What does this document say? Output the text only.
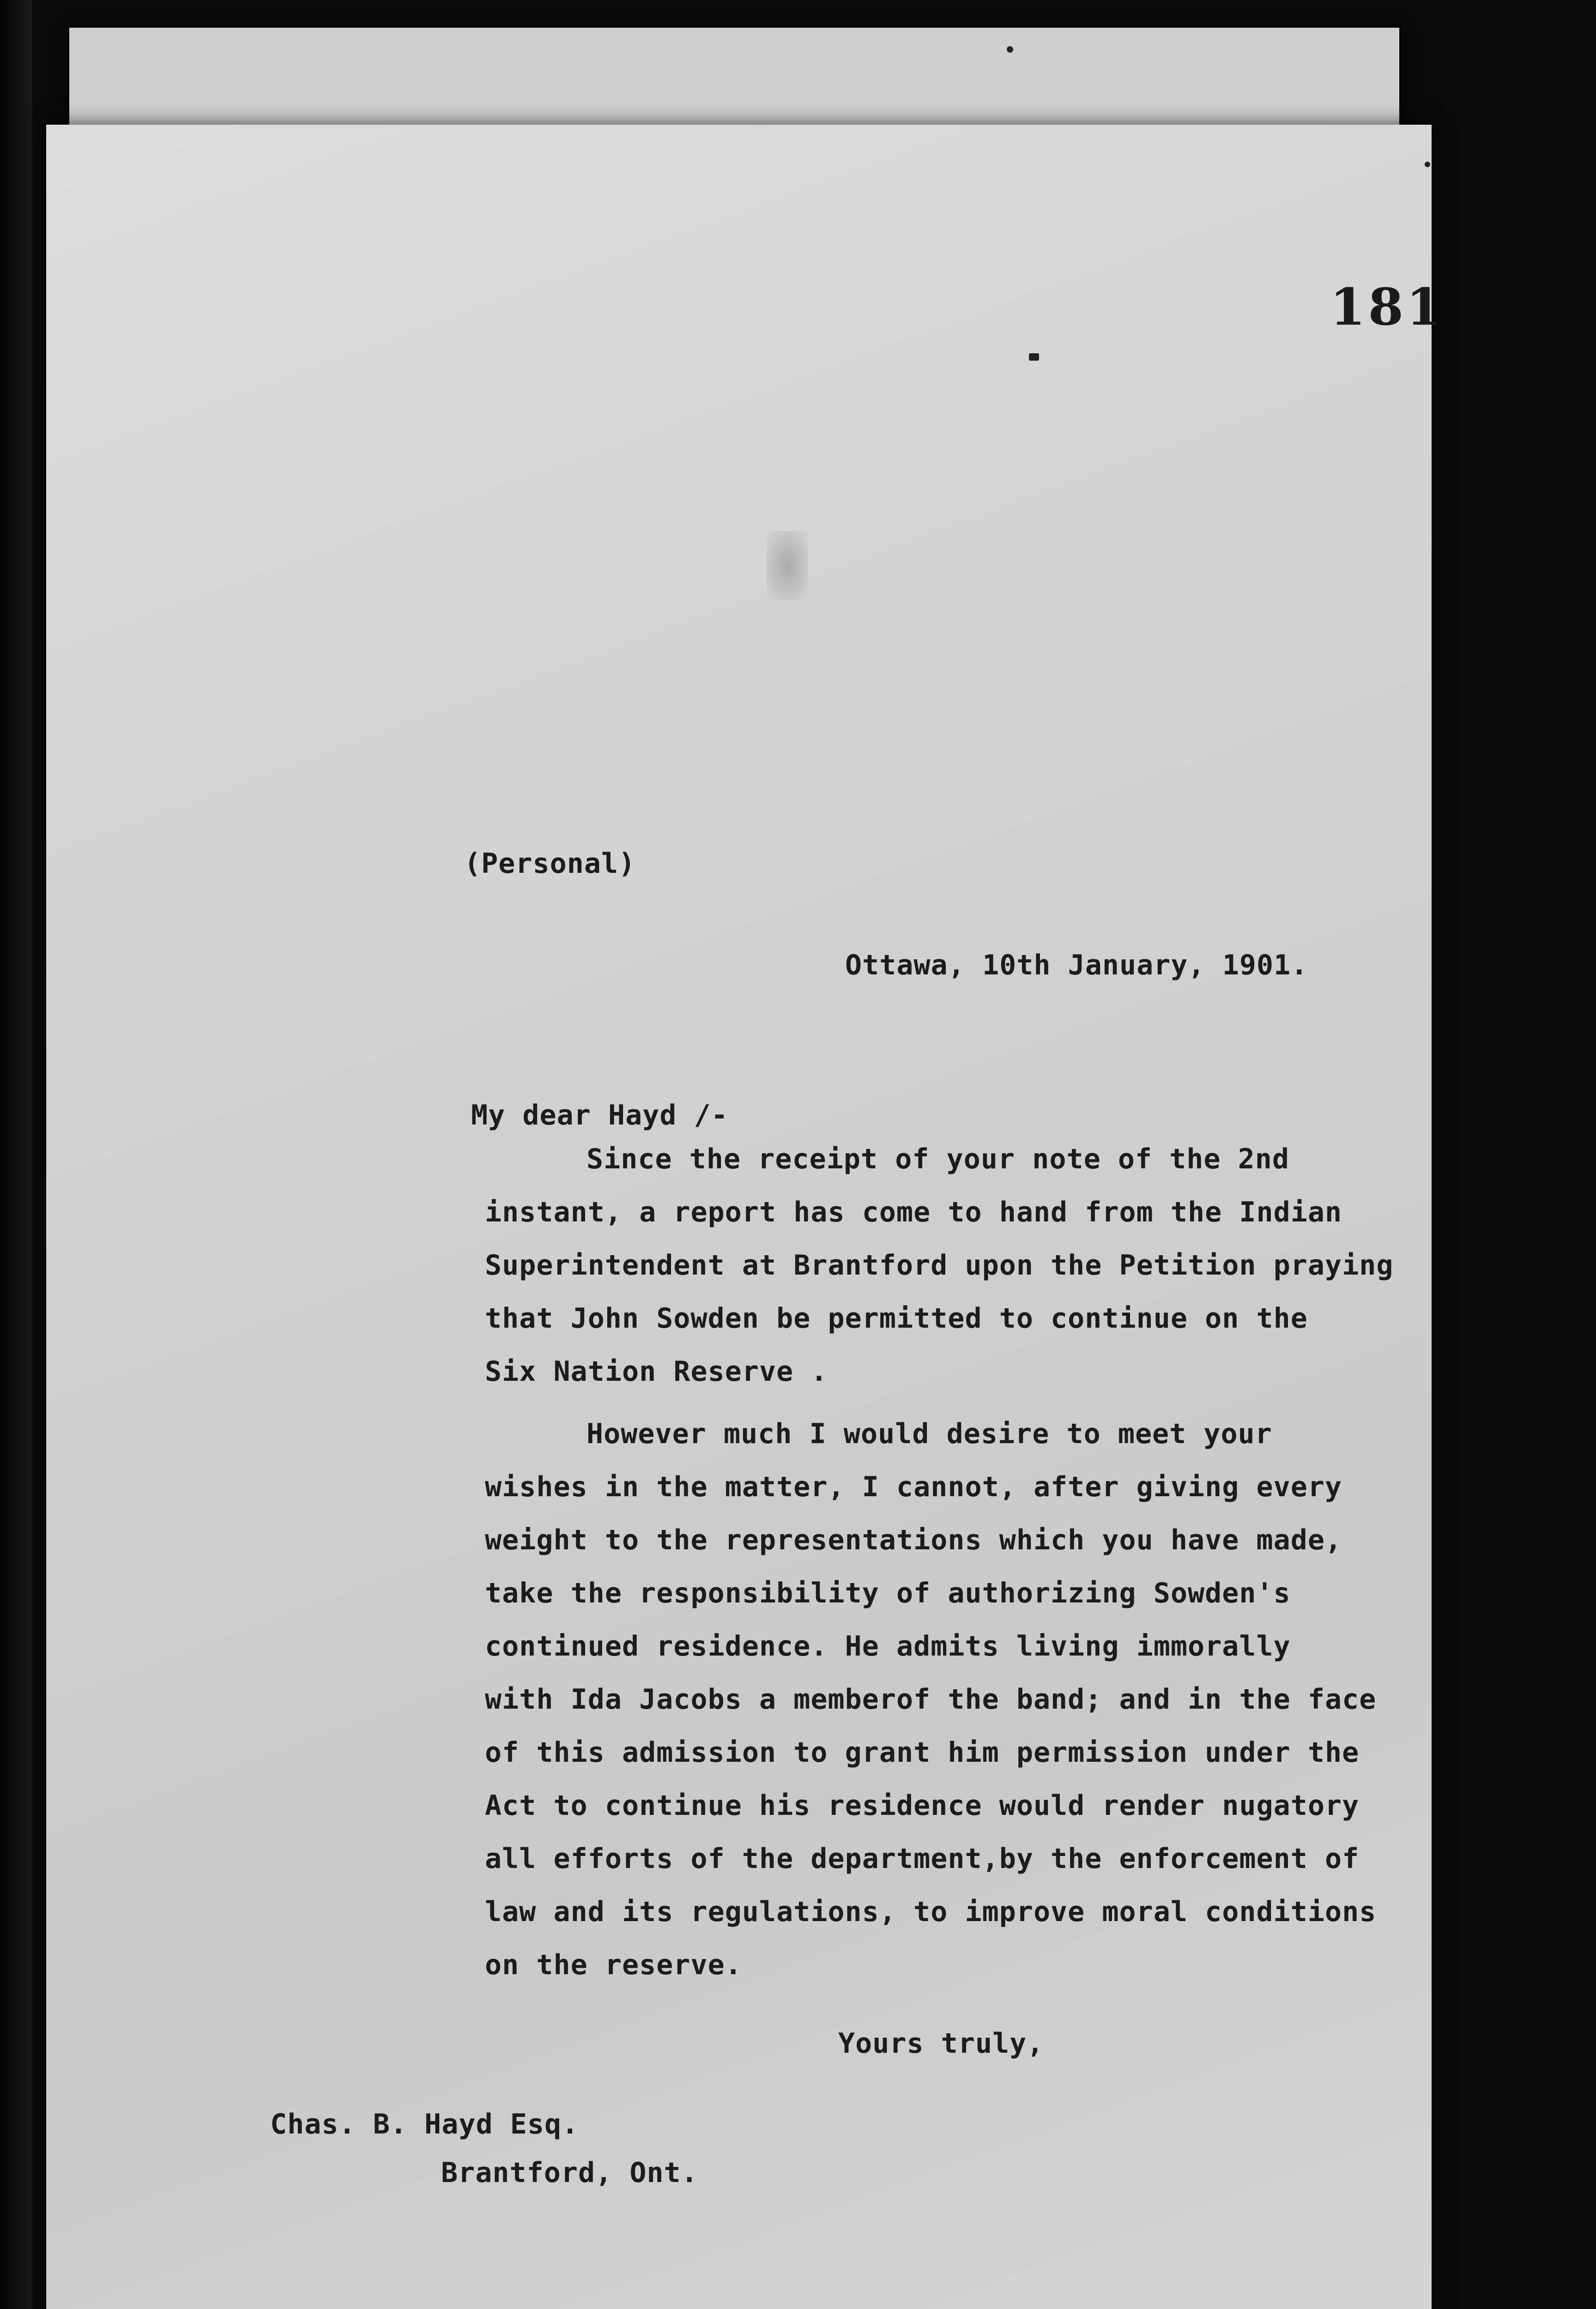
181
(Personal)
Ottawa, 10th January, 1901.
My dear Hayd /-
Since the receipt of your note of the 2nd
instant, a report has come to hand from the Indian
Superintendent at Brantford upon the Petition praying
that John Sowden be permitted to continue on the
Six Nation Reserve .
However much I would desire to meet your
wishes in the matter, I cannot, after giving every
weight to the representations which you have made,
take the responsibility of authorizing Sowden's
continued residence. He admits living immorally
with Ida Jacobs a memberof the band; and in the face
of this admission to grant him permission under the
Act to continue his residence would render nugatory
all efforts of the department,by the enforcement of
law and its regulations, to improve moral conditions
on the reserve.
Yours truly,
Chas. B. Hayd Esq.
Brantford, Ont.
